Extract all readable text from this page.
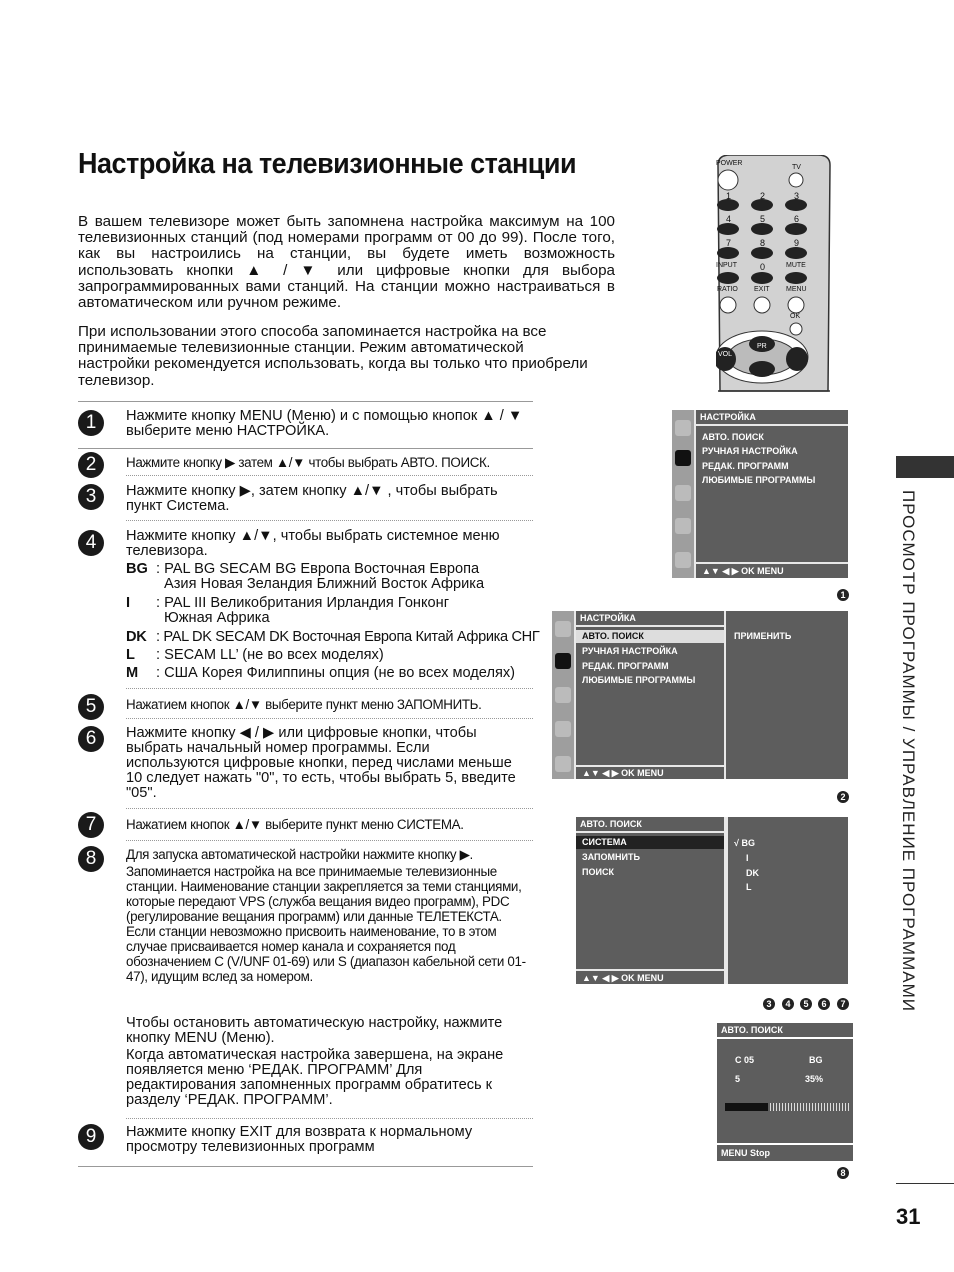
Настройка на телевизионные станции
В вашем телевизоре может быть запомнена настройка максимум на 100 телевизионных станций (под номерами программ от 00 до 99). После того, как вы настроились на станции, вы будете иметь возможность использовать кнопки ▲ / ▼ или цифровые кнопки для выбора запрограммированных вами станций. На станции можно настраиваться в автоматическом или ручном режиме.
При использовании этого способа запоминается настройка на все принимаемые телевизионные станции. Режим автоматической настройки рекомендуется использовать, когда вы только что приобрели телевизор.
1	Нажмите кнопку MENU (Меню) и с помощью кнопок ▲ / ▼ выберите меню НАСТРОЙКА.
2	Нажмите кнопку ▶ затем ▲/▼ чтобы выбрать АВТО. ПОИСК.
3	Нажмите кнопку ▶, затем кнопку ▲/▼ , чтобы выбрать пункт Система.
4	Нажмите кнопку ▲/▼, чтобы выбрать системное меню телевизора.
BG : PAL BG SECAM BG Европа Восточная Европа
Азия Новая Зеландия Ближний Восток Африка
I : PAL III Великобритания Ирландия Гонконг
Южная Африка
DK : PAL DK SECAM DK Восточная Европа Китай Африка СНГ
L : SECAM LL’ (не во всех моделях)
M : США Корея Филиппины опция (не во всех моделях)
5	Нажатием кнопок ▲/▼ выберите пункт меню ЗАПОМНИТЬ.
6	Нажмите кнопку ◀ / ▶ или цифровые кнопки, чтобы выбрать начальный номер программы. Если используются цифровые кнопки, перед числами меньше 10 следует нажать "0", то есть, чтобы выбрать 5, введите "05".
7	Нажатием кнопок ▲/▼ выберите пункт меню СИСТЕМА.
8	Для запуска автоматической настройки нажмите кнопку ▶.
Запоминается настройка на все принимаемые телевизионные станции. Наименование станции закрепляется за теми станциями, которые передают VPS (служба вещания видео программ), PDC (регулирование вещания программ) или данные ТЕЛЕТЕКСТА. Если станции невозможно присвоить наименование, то в этом случае присваивается номер канала и сохраняется под обозначением C (V/UNF 01-69) или S (диапазон кабельной сети 01-47), идущим вслед за номером.
Чтобы остановить автоматическую настройку, нажмите кнопку MENU (Меню).
Когда автоматическая настройка завершена, на экране появляется меню ‘РЕДАК. ПРОГРАММ’ Для редактирования запомненных программ обратитесь к разделу ‘РЕДАК. ПРОГРАММ’.
9	Нажмите кнопку EXIT для возврата к нормальному просмотру телевизионных программ
POWER
TV
1	2	3
4	5	6
7	8	9
0
INPUT	MUTE
RATIO EXIT MENU
OK
PR
VOL
НАСТРОЙКА
АВТО. ПОИСК
РУЧНАЯ НАСТРОЙКА
РЕДАК. ПРОГРАММ
ЛЮБИМЫЕ ПРОГРАММЫ
▲▼ ◀ ▶ OK MENU
1
НАСТРОЙКА
АВТО. ПОИСК
РУЧНАЯ НАСТРОЙКА
РЕДАК. ПРОГРАММ
ЛЮБИМЫЕ ПРОГРАММЫ
ПРИМЕНИТЬ
▲▼ ◀ ▶ OK MENU
2
АВТО. ПОИСК
СИСТЕМА
ЗАПОМНИТЬ
ПОИСК
√ BG
I
DK
L
▲▼ ◀ ▶ OK MENU
3	4	5	6	7
АВТО. ПОИСК
C 05	BG
5	35%
MENU Stop
8
ПРОСМОТР ПРОГРАММЫ / УПРАВЛЕНИЕ ПРОГРАММАМИ
31
